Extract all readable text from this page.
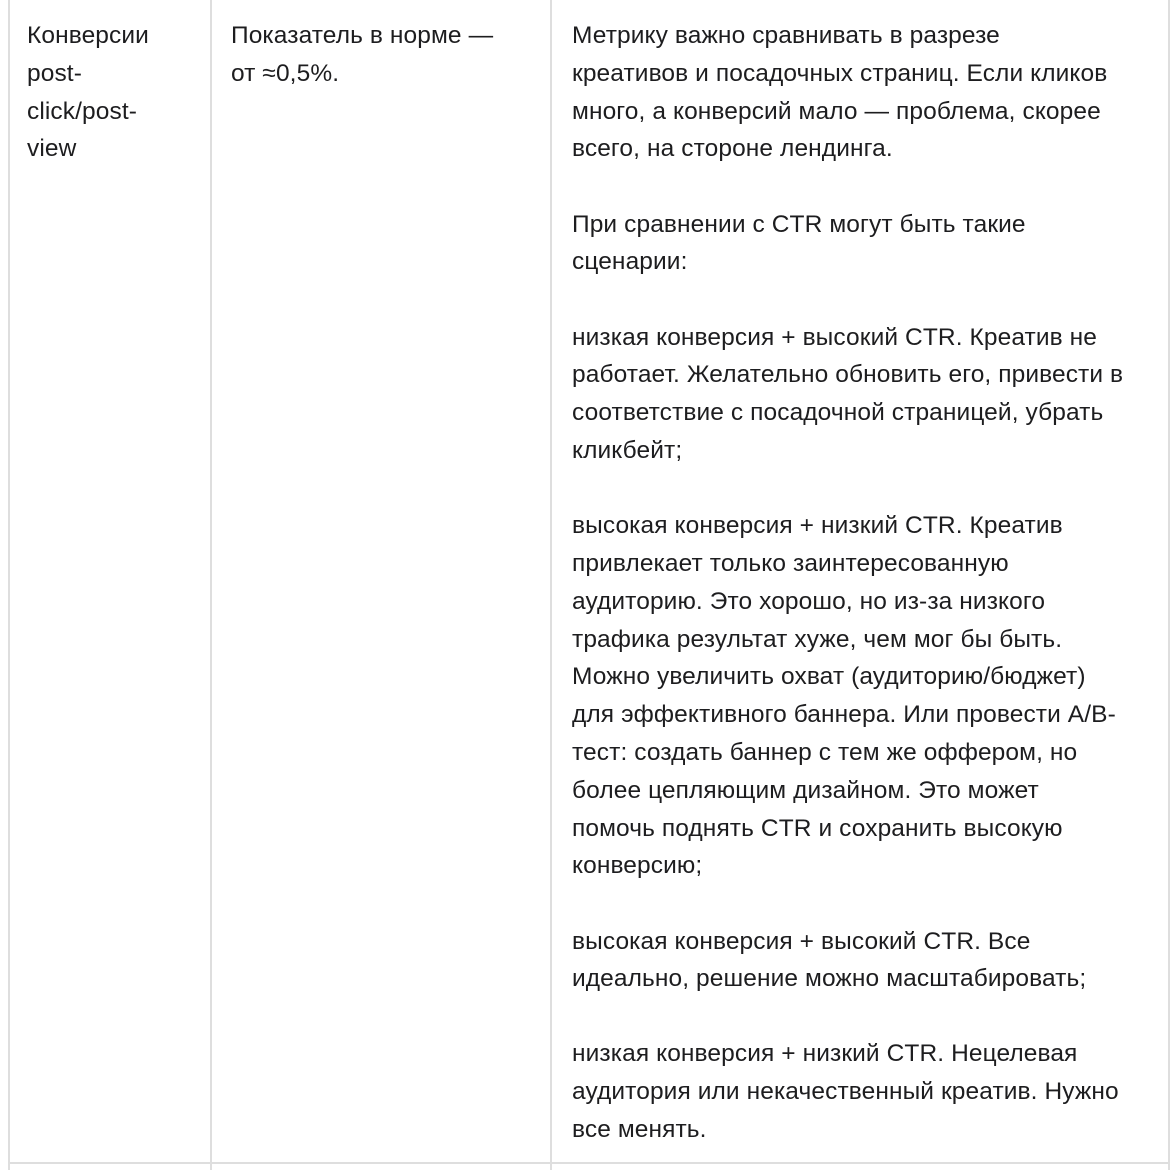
Конверсии
post-
click/post-
view
Показатель в норме —
от ≈0,5%.

Метрику важно сравнивать в разрезе
креативов и посадочных страниц. Если кликов
много, а конверсий мало — проблема, скорее
всего, на стороне лендинга.

При сравнении с CTR могут быть такие
сценарии:

низкая конверсия + высокий CTR. Креатив не
работает. Желательно обновить его, привести в
соответствие с посадочной страницей, убрать
кликбейт;

высокая конверсия + низкий CTR. Креатив
привлекает только заинтересованную
аудиторию. Это хорошо, но из-за низкого
трафика результат хуже, чем мог бы быть.
Можно увеличить охват (аудиторию/бюджет)
для эффективного баннера. Или провести A/B-
тест: создать баннер с тем же оффером, но
более цепляющим дизайном. Это может
помочь поднять CTR и сохранить высокую
конверсию;

высокая конверсия + высокий CTR. Все
идеально, решение можно масштабировать;

низкая конверсия + низкий CTR. Нецелевая
аудитория или некачественный креатив. Нужно
все менять.
